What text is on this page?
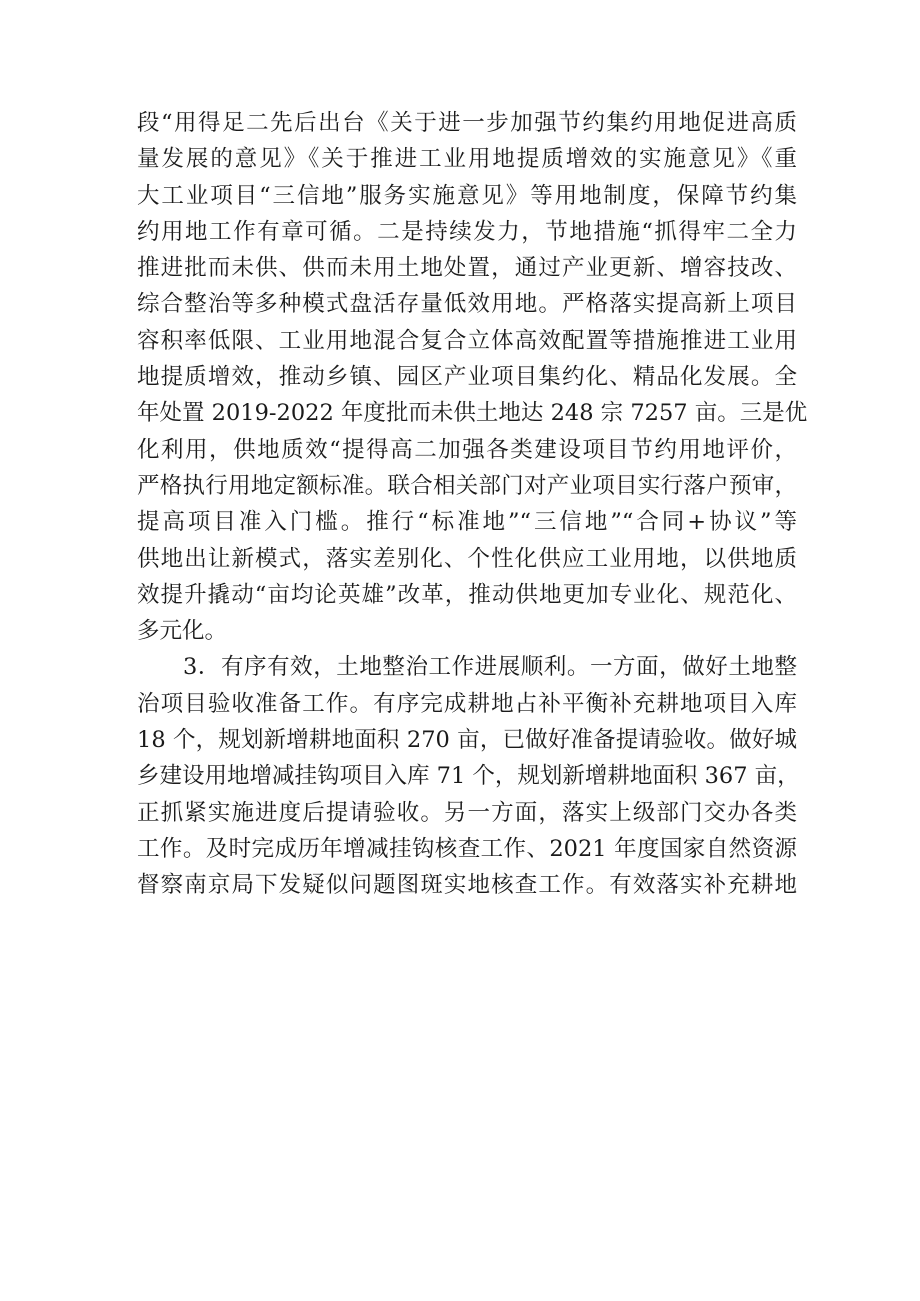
段“用得足二先后出台《关于进一步加强节约集约用地促进高质
量发展的意见》《关于推进工业用地提质增效的实施意见》《重
大工业项目“三信地”服务实施意见》等用地制度，保障节约集
约用地工作有章可循。二是持续发力，节地措施“抓得牢二全力
推进批而未供、供而未用土地处置，通过产业更新、增容技改、
综合整治等多种模式盘活存量低效用地。严格落实提高新上项目
容积率低限、工业用地混合复合立体高效配置等措施推进工业用
地提质增效，推动乡镇、园区产业项目集约化、精品化发展。全
年处置 2019-2022 年度批而未供土地达 248 宗 7257 亩。三是优
化利用，供地质效“提得高二加强各类建设项目节约用地评价，
严格执行用地定额标准。联合相关部门对产业项目实行落户预审，
提高项目准入门槛。推行“标准地”“三信地”“合同+协议”等
供地出让新模式，落实差别化、个性化供应工业用地，以供地质
效提升撬动“亩均论英雄”改革，推动供地更加专业化、规范化、
多元化。
3．有序有效，土地整治工作进展顺利。一方面，做好土地整
治项目验收准备工作。有序完成耕地占补平衡补充耕地项目入库
18 个，规划新增耕地面积 270 亩，已做好准备提请验收。做好城
乡建设用地增减挂钩项目入库 71 个，规划新增耕地面积 367 亩，
正抓紧实施进度后提请验收。另一方面，落实上级部门交办各类
工作。及时完成历年增减挂钩核查工作、2021 年度国家自然资源
督察南京局下发疑似问题图斑实地核查工作。有效落实补充耕地
